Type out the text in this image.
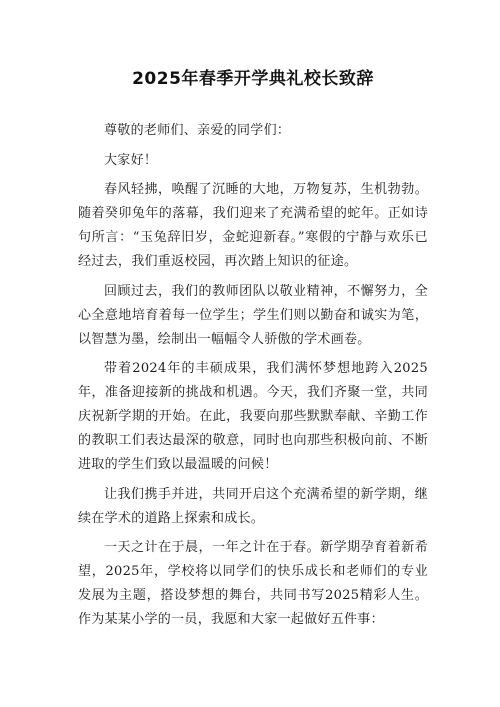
2025年春季开学典礼校长致辞

尊敬的老师们、亲爱的同学们：

大家好！

春风轻拂，唤醒了沉睡的大地，万物复苏，生机勃勃。随着癸卯兔年的落幕，我们迎来了充满希望的蛇年。正如诗句所言：“玉兔辞旧岁，金蛇迎新春。”寒假的宁静与欢乐已经过去，我们重返校园，再次踏上知识的征途。

回顾过去，我们的教师团队以敬业精神，不懈努力，全心全意地培育着每一位学生；学生们则以勤奋和诚实为笔，以智慧为墨，绘制出一幅幅令人骄傲的学术画卷。

带着2024年的丰硕成果，我们满怀梦想地跨入2025年，准备迎接新的挑战和机遇。今天，我们齐聚一堂，共同庆祝新学期的开始。在此，我要向那些默默奉献、辛勤工作的教职工们表达最深的敬意，同时也向那些积极向前、不断进取的学生们致以最温暖的问候！

让我们携手并进，共同开启这个充满希望的新学期，继续在学术的道路上探索和成长。

一天之计在于晨，一年之计在于春。新学期孕育着新希望，2025年，学校将以同学们的快乐成长和老师们的专业发展为主题，搭设梦想的舞台，共同书写2025精彩人生。作为某某小学的一员，我愿和大家一起做好五件事：
